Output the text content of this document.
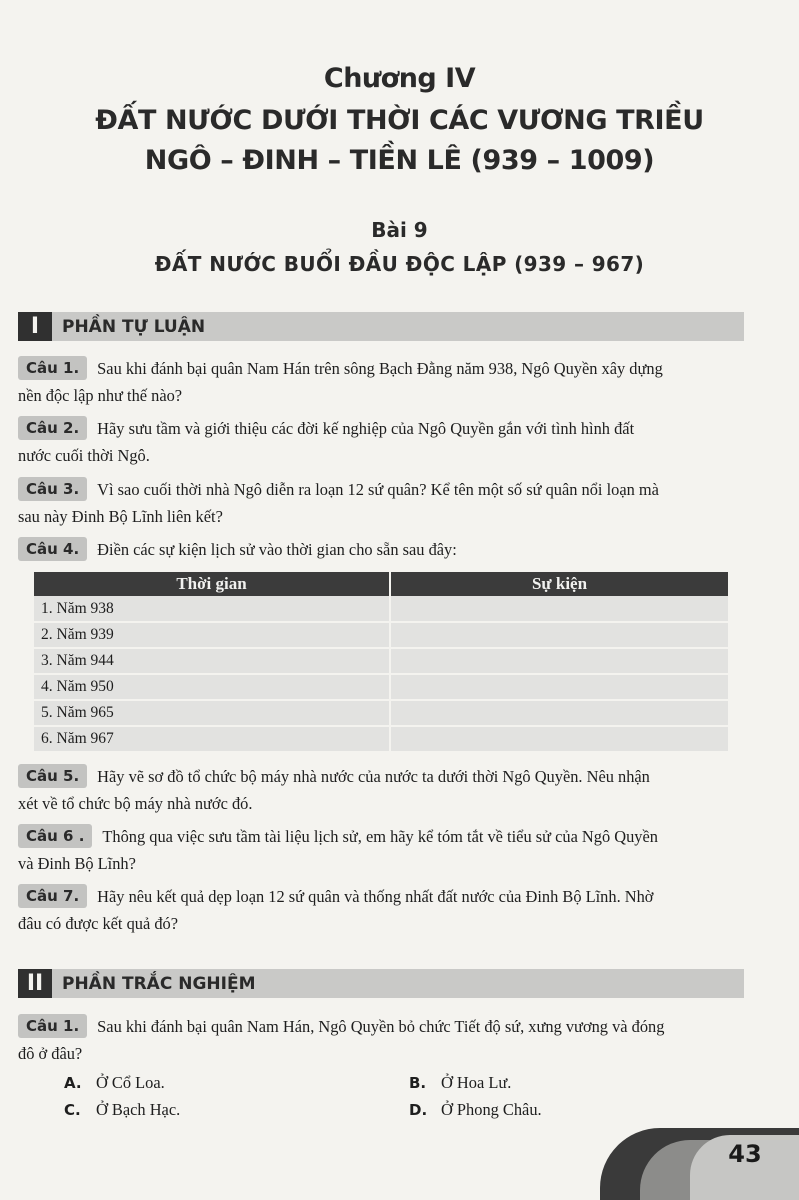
Chương IV
ĐẤT NƯỚC DƯỚI THỜI CÁC VƯƠNG TRIỀU
NGÔ – ĐINH – TIỀN LÊ (939 – 1009)
Bài 9
ĐẤT NƯỚC BUỔI ĐẦU ĐỘC LẬP (939 – 967)
I	PHẦN TỰ LUẬN
Câu 1. Sau khi đánh bại quân Nam Hán trên sông Bạch Đằng năm 938, Ngô Quyền xây dựng
nền độc lập như thế nào?
Câu 2. Hãy sưu tầm và giới thiệu các đời kế nghiệp của Ngô Quyền gắn với tình hình đất
nước cuối thời Ngô.
Câu 3. Vì sao cuối thời nhà Ngô diễn ra loạn 12 sứ quân? Kể tên một số sứ quân nổi loạn mà
sau này Đinh Bộ Lĩnh liên kết?
Câu 4. Điền các sự kiện lịch sử vào thời gian cho sẵn sau đây:
Thời gian	Sự kiện
1. Năm 938	
2. Năm 939	
3. Năm 944	
4. Năm 950	
5. Năm 965	
6. Năm 967	
Câu 5. Hãy vẽ sơ đồ tổ chức bộ máy nhà nước của nước ta dưới thời Ngô Quyền. Nêu nhận
xét về tổ chức bộ máy nhà nước đó.
Câu 6 . Thông qua việc sưu tầm tài liệu lịch sử, em hãy kể tóm tắt về tiểu sử của Ngô Quyền
và Đinh Bộ Lĩnh?
Câu 7. Hãy nêu kết quả dẹp loạn 12 sứ quân và thống nhất đất nước của Đinh Bộ Lĩnh. Nhờ
đâu có được kết quả đó?
II	PHẦN TRẮC NGHIỆM
Câu 1. Sau khi đánh bại quân Nam Hán, Ngô Quyền bỏ chức Tiết độ sứ, xưng vương và đóng
đô ở đâu?
A. Ở Cổ Loa.	B. Ở Hoa Lư.
C. Ở Bạch Hạc.	D. Ở Phong Châu.
43
